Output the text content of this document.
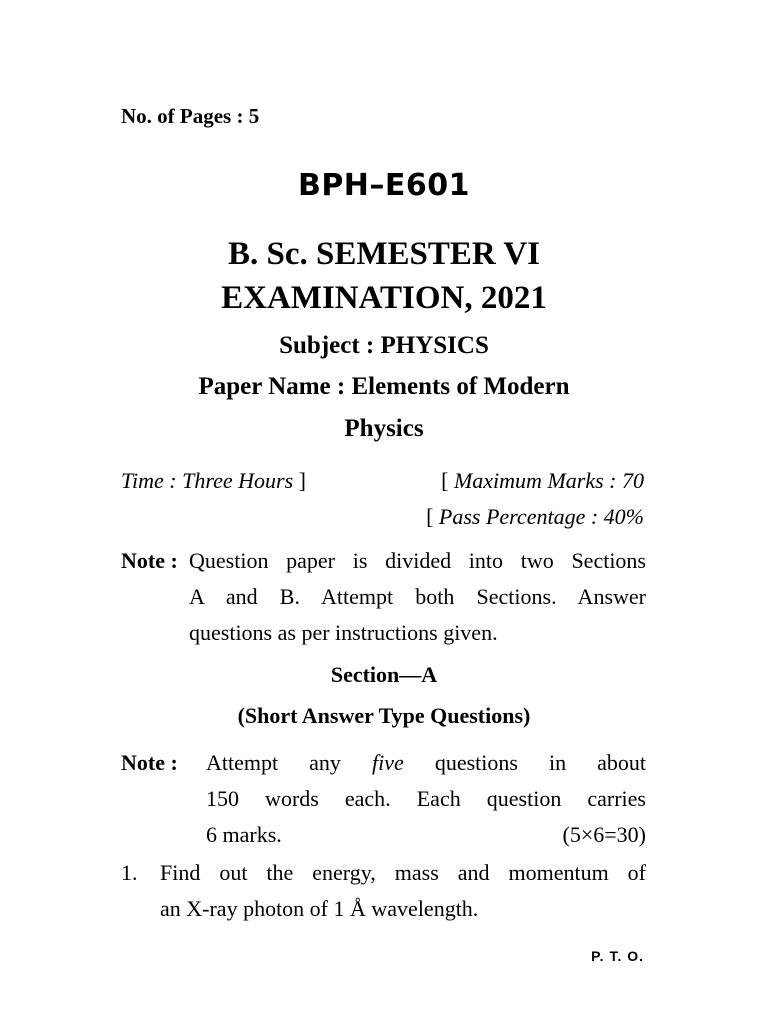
No. of Pages : 5
BPH–E601
B. Sc. SEMESTER VI
EXAMINATION, 2021
Subject : PHYSICS
Paper Name : Elements of Modern
Physics
Time : Three Hours ]	[ Maximum Marks : 70
[ Pass Percentage : 40%
Note : Question paper is divided into two Sections
A and B. Attempt both Sections. Answer
questions as per instructions given.
Section—A
(Short Answer Type Questions)
Note : Attempt any five questions in about
150 words each. Each question carries
6 marks.	(5×6=30)
1. Find out the energy, mass and momentum of
an X-ray photon of 1 Å wavelength.
P. T. O.
